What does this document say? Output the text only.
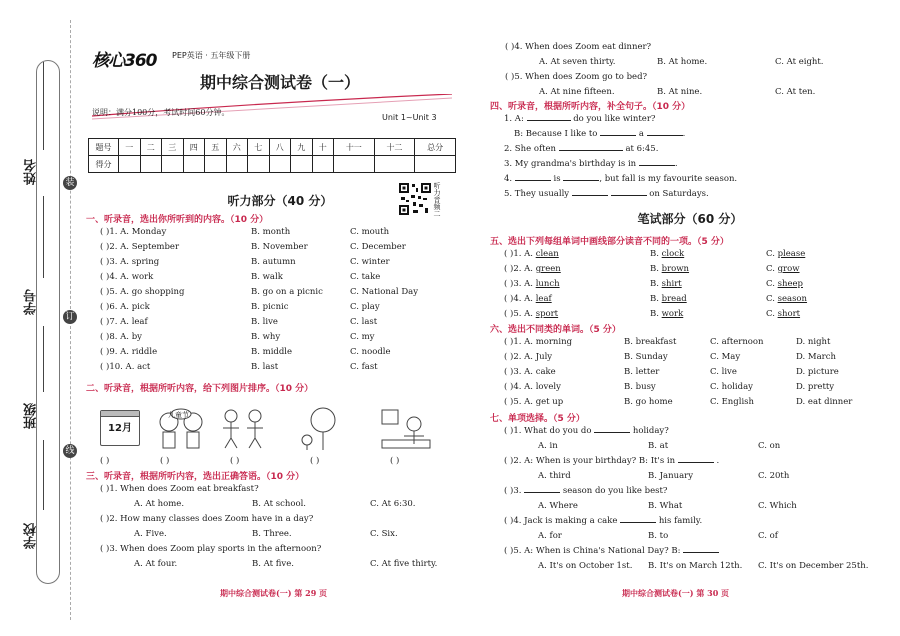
姓名
学号
班级
学校
装
订
线
核心360 PEP英语 · 五年级下册
期中综合测试卷（一）
说明：满分100分，考试时间60分钟。
Unit 1~Unit 3
题号	一	二	三	四	五	六	七	八	九	十	十一	十二	总分
得分													
听力部分（40 分）	听力音频二
一、听录音，选出你所听到的内容。（10 分）
( )1. A. Monday	B. month	C. mouth
( )2. A. September	B. November	C. December
( )3. A. spring	B. autumn	C. winter
( )4. A. work	B. walk	C. take
( )5. A. go shopping	B. go on a picnic	C. National Day
( )6. A. pick	B. picnic	C. play
( )7. A. leaf	B. live	C. last
( )8. A. by	B. why	C. my
( )9. A. riddle	B. middle	C. noodle
( )10. A. act	B. last	C. fast
二、听录音，根据所听内容，给下列图片排序。（10 分）
12月
儿童节
( )	( )	( )	( )	( )
三、听录音，根据所听内容，选出正确答语。（10 分）
( )1. When does Zoom eat breakfast?
A. At home.	B. At school.	C. At 6:30.
( )2. How many classes does Zoom have in a day?
A. Five.	B. Three.	C. Six.
( )3. When does Zoom play sports in the afternoon?
A. At four.	B. At five.	C. At five thirty.
期中综合测试卷(一) 第 29 页
( )4. When does Zoom eat dinner?
A. At seven thirty.	B. At home.	C. At eight.
( )5. When does Zoom go to bed?
A. At nine fifteen.	B. At nine.	C. At ten.
四、听录音，根据所听内容，补全句子。（10 分）
1. A:	do you like winter?
B: Because I like to	a	.
2. She often	at 6:45.
3. My grandma's birthday is in	.
4.	is	, but fall is my favourite season.
5. They usually	on Saturdays.
笔试部分（60 分）
五、选出下列每组单词中画线部分读音不同的一项。（5 分）
( )1. A. clean	B. clock	C. please
( )2. A. green	B. brown	C. grow
( )3. A. lunch	B. shirt	C. sheep
( )4. A. leaf	B. bread	C. season
( )5. A. sport	B. work	C. short
六、选出不同类的单词。（5 分）
( )1. A. morning	B. breakfast	C. afternoon	D. night
( )2. A. July	B. Sunday	C. May	D. March
( )3. A. cake	B. letter	C. live	D. picture
( )4. A. lovely	B. busy	C. holiday	D. pretty
( )5. A. get up	B. go home	C. English	D. eat dinner
七、单项选择。（5 分）
( )1. What do you do	holiday?
A. in	B. at	C. on
( )2. A: When is your birthday? B: It's in	.
A. third	B. January	C. 20th
( )3.	season do you like best?
A. Where	B. What	C. Which
( )4. Jack is making a cake	his family.
A. for	B. to	C. of
( )5. A: When is China's National Day? B:
A. It's on October 1st. B. It's on March 12th. C. It's on December 25th.
期中综合测试卷(一) 第 30 页
